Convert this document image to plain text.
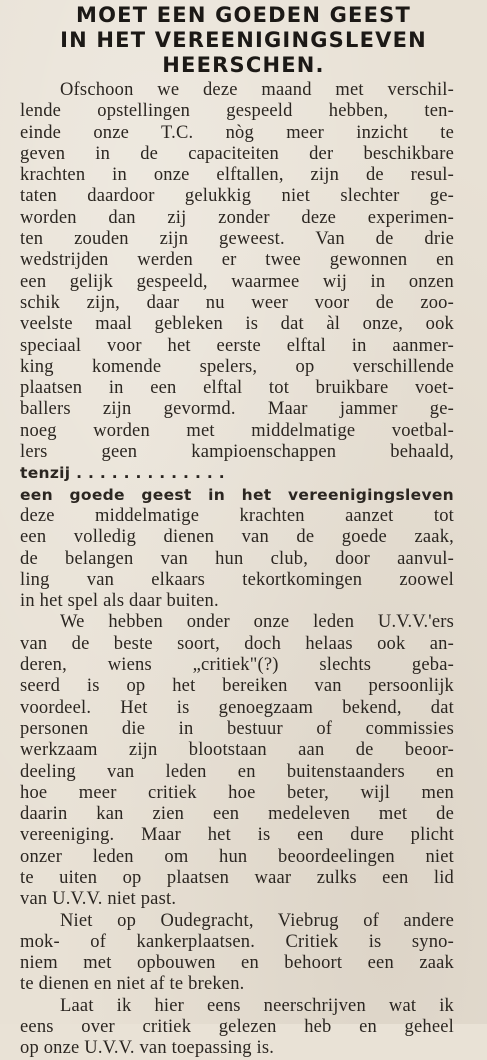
MOET EEN GOEDEN GEEST
IN HET VEREENIGINGSLEVEN
HEERSCHEN.
Ofschoon we deze maand met verschil-
lende opstellingen gespeeld hebben, ten-
einde onze T.C. nòg meer inzicht te
geven in de capaciteiten der beschikbare
krachten in onze elftallen, zijn de resul-
taten daardoor gelukkig niet slechter ge-
worden dan zij zonder deze experimen-
ten zouden zijn geweest. Van de drie
wedstrijden werden er twee gewonnen en
een gelijk gespeeld, waarmee wij in onzen
schik zijn, daar nu weer voor de zoo-
veelste maal gebleken is dat àl onze, ook
speciaal voor het eerste elftal in aanmer-
king komende spelers, op verschillende
plaatsen in een elftal tot bruikbare voet-
ballers zijn gevormd. Maar jammer ge-
noeg worden met middelmatige voetbal-
lers geen kampioenschappen behaald,
tenzij . . . . . . . . . . . . .
een goede geest in het vereenigingsleven
deze middelmatige krachten aanzet tot
een volledig dienen van de goede zaak,
de belangen van hun club, door aanvul-
ling van elkaars tekortkomingen zoowel
in het spel als daar buiten.
We hebben onder onze leden U.V.V.'ers
van de beste soort, doch helaas ook an-
deren, wiens „critiek"(?) slechts geba-
seerd is op het bereiken van persoonlijk
voordeel. Het is genoegzaam bekend, dat
personen die in bestuur of commissies
werkzaam zijn blootstaan aan de beoor-
deeling van leden en buitenstaanders en
hoe meer critiek hoe beter, wijl men
daarin kan zien een medeleven met de
vereeniging. Maar het is een dure plicht
onzer leden om hun beoordeelingen niet
te uiten op plaatsen waar zulks een lid
van U.V.V. niet past.
Niet op Oudegracht, Viebrug of andere
mok- of kankerplaatsen. Critiek is syno-
niem met opbouwen en behoort een zaak
te dienen en niet af te breken.
Laat ik hier eens neerschrijven wat ik
eens over critiek gelezen heb en geheel
op onze U.V.V. van toepassing is.
